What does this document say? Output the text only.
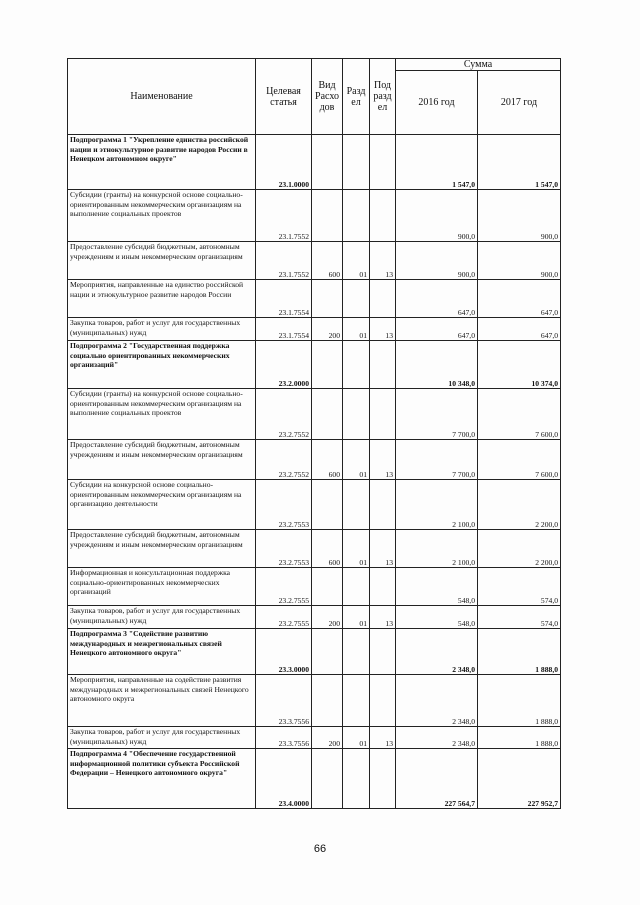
Наименование	Целевая статья	Вид Расхо дов	Разд ел	Под разд ел	Сумма	
					2016 год	2017 год
Подпрограмма 1 "Укрепление единства российской нации и этнокультурное развитие народов России в Ненецком автономном округе"	23.1.0000				1 547,0	1 547,0
Субсидии (гранты) на конкурсной основе социально-ориентированным некоммерческим организациям на выполнение социальных проектов	23.1.7552				900,0	900,0
Предоставление субсидий бюджетным, автономным учреждениям и иным некоммерческим организациям	23.1.7552	600	01	13	900,0	900,0
Мероприятия, направленные на единство российской нации и этнокультурное развитие народов России	23.1.7554				647,0	647,0
Закупка товаров, работ и услуг для государственных (муниципальных) нужд	23.1.7554	200	01	13	647,0	647,0
Подпрограмма 2 "Государственная поддержка социально ориентированных некоммерческих организаций"	23.2.0000				10 348,0	10 374,0
Субсидии (гранты) на конкурсной основе социально-ориентированным некоммерческим организациям на выполнение социальных проектов	23.2.7552				7 700,0	7 600,0
Предоставление субсидий бюджетным, автономным учреждениям и иным некоммерческим организациям	23.2.7552	600	01	13	7 700,0	7 600,0
Субсидии на конкурсной основе социально-ориентированным некоммерческим организациям на организацию деятельности	23.2.7553				2 100,0	2 200,0
Предоставление субсидий бюджетным, автономным учреждениям и иным некоммерческим организациям	23.2.7553	600	01	13	2 100,0	2 200,0
Информационная и консультационная поддержка социально-ориентированных некоммерческих организаций	23.2.7555				548,0	574,0
Закупка товаров, работ и услуг для государственных (муниципальных) нужд	23.2.7555	200	01	13	548,0	574,0
Подпрограмма 3 "Содействие развитию международных и межрегиональных связей Ненецкого автономного округа"	23.3.0000				2 348,0	1 888,0
Мероприятия, направленные на содействие развития международных и межрегиональных связей Ненецкого автономного округа	23.3.7556				2 348,0	1 888,0
Закупка товаров, работ и услуг для государственных (муниципальных) нужд	23.3.7556	200	01	13	2 348,0	1 888,0
Подпрограмма 4 "Обеспечение государственной информационной политики субъекта Российской Федерации – Ненецкого автономного округа"	23.4.0000				227 564,7	227 952,7
66
